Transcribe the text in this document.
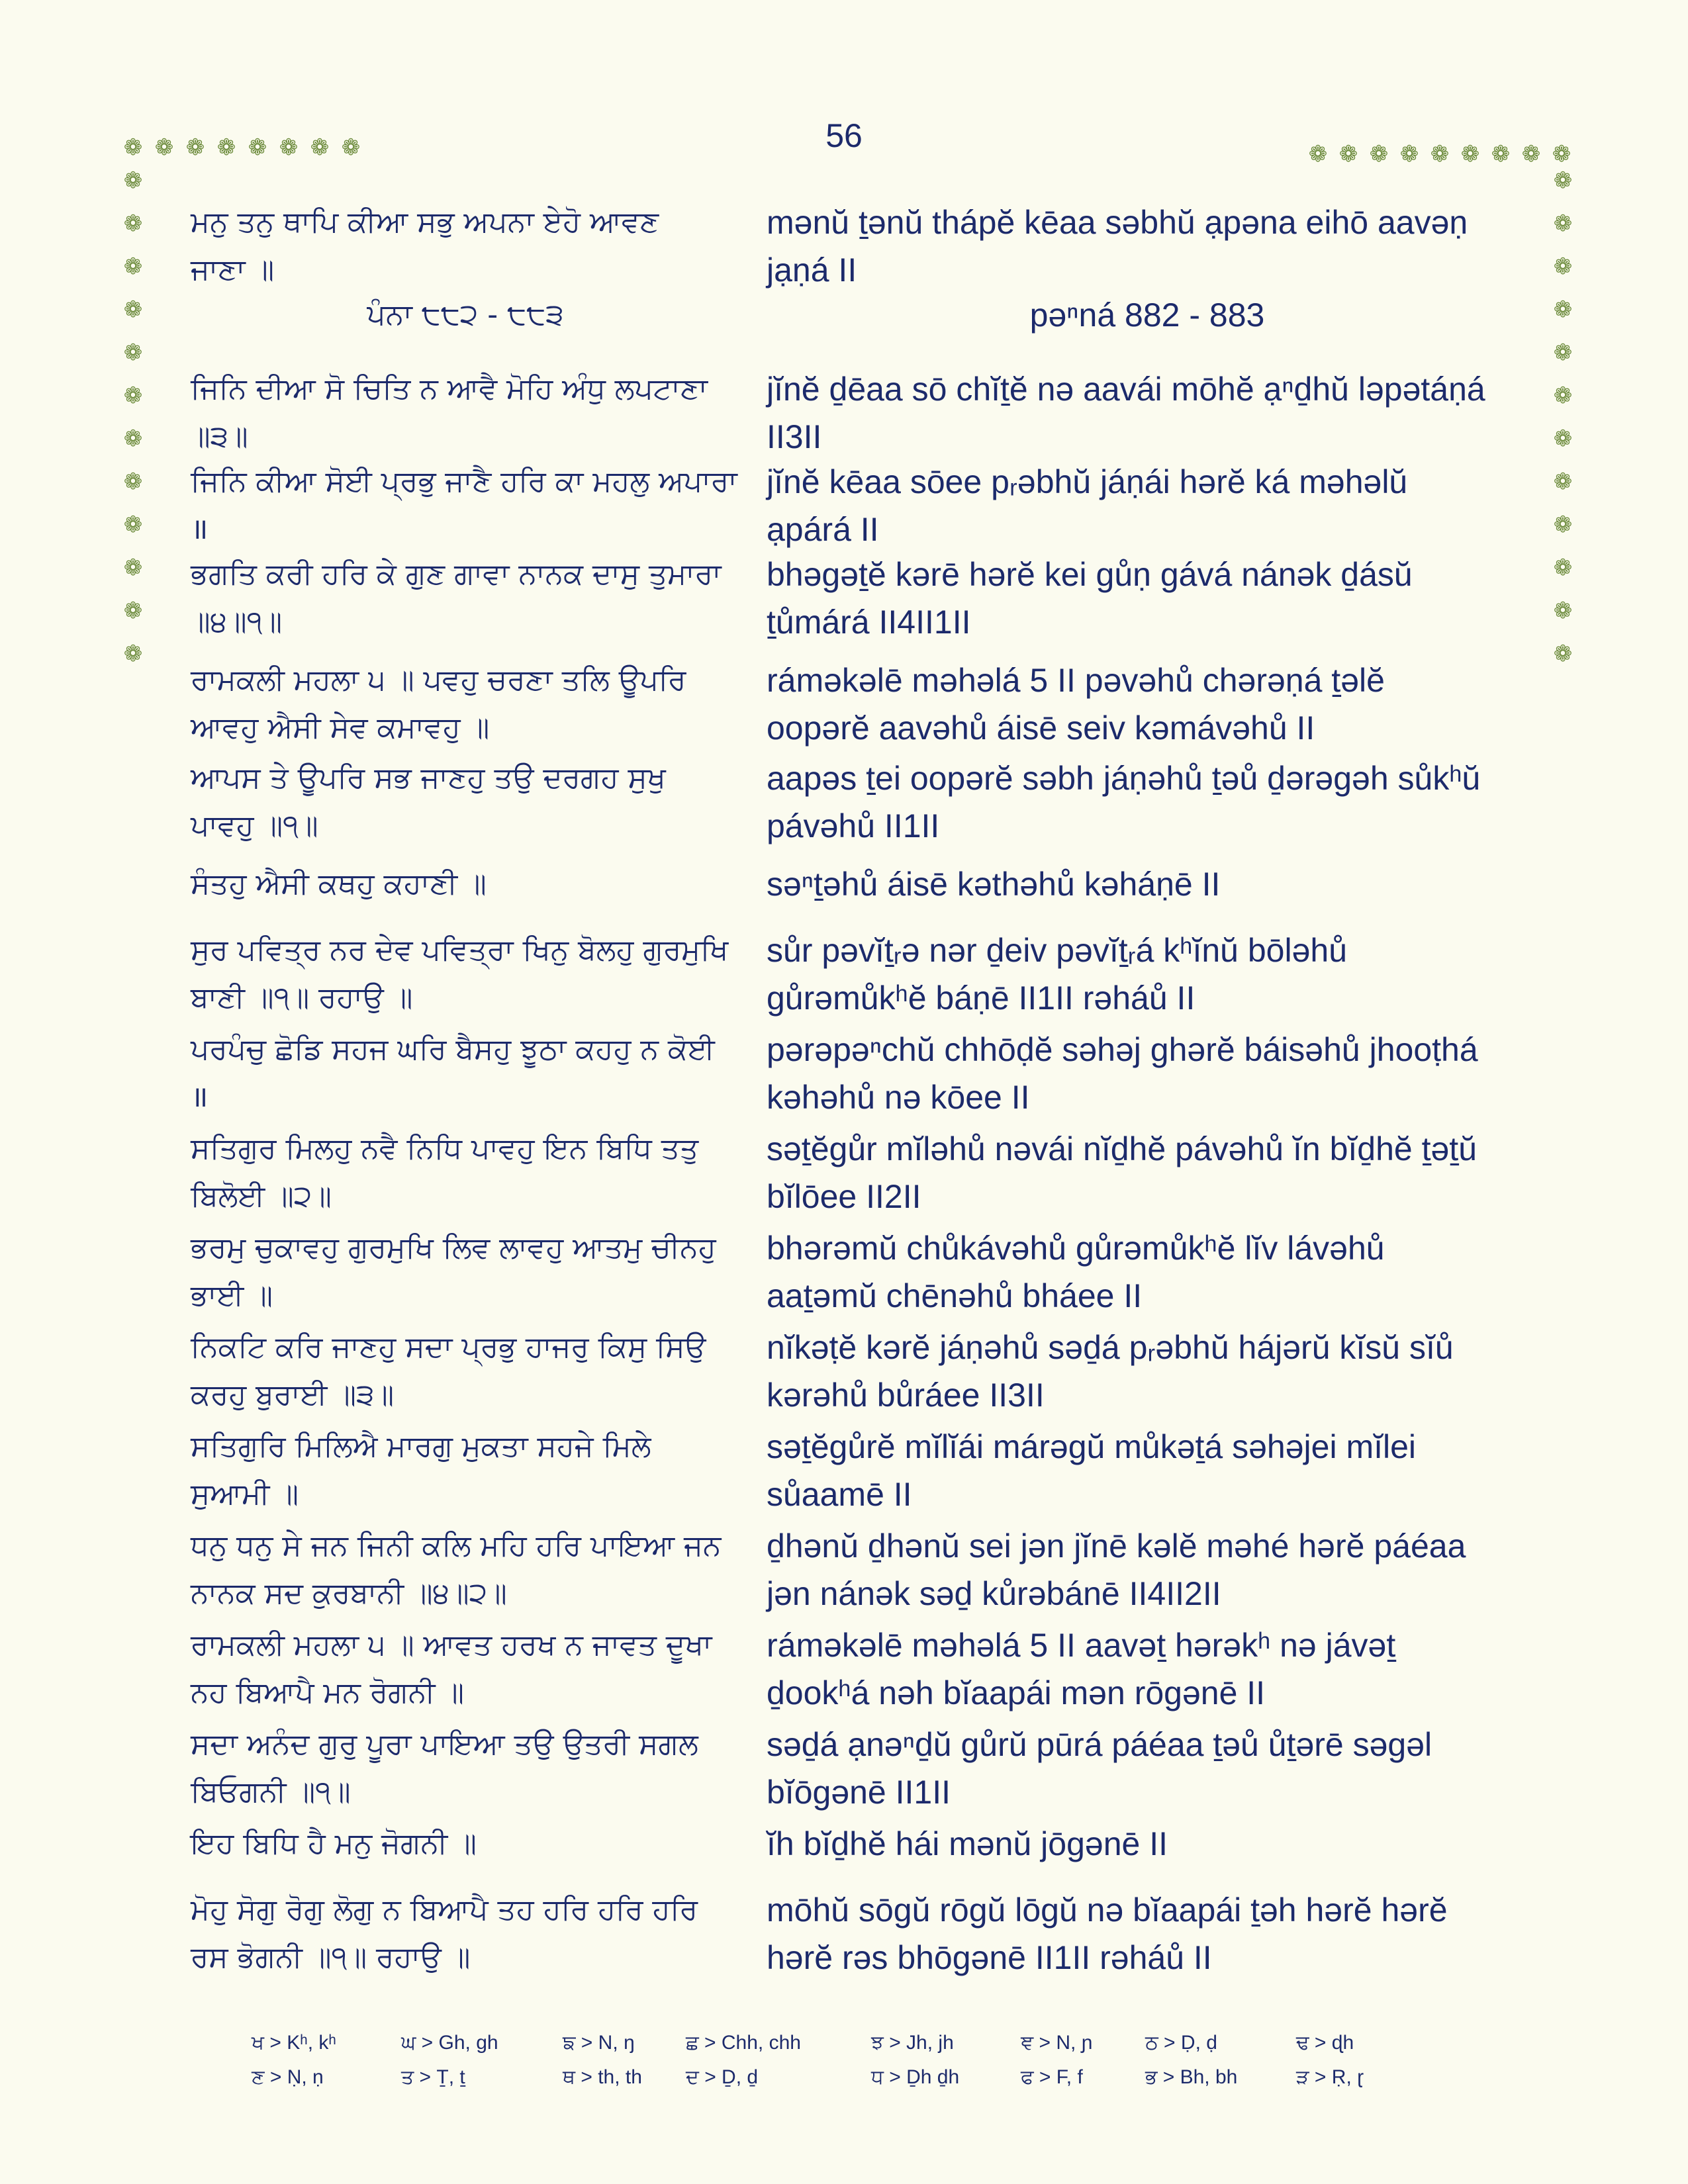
56
❁ ❁ ❁ ❁ ❁ ❁ ❁ ❁	❁ ❁ ❁ ❁ ❁ ❁ ❁ ❁ ❁
❁
❁
❁
❁
❁
❁
❁
❁
❁
❁
❁
❁
❁
❁
❁
❁
❁
❁
❁
❁
❁
❁
❁
❁
ਮਨੁ ਤਨੁ ਥਾਪਿ ਕੀਆ ਸਭੁ ਅਪਨਾ ਏਹੋ ਆਵਣ
ਜਾਣਾ ॥
mənŭ ṯənŭ thápĕ kēaa səbhŭ ạpəna eihō aavəṇ
jạṇá II
ਪੰਨਾ ੮੮੨ - ੮੮੩	pəⁿná 882 - 883
ਜਿਨਿ ਦੀਆ ਸੋ ਚਿਤਿ ਨ ਆਵੈ ਮੋਹਿ ਅੰਧੁ ਲਪਟਾਣਾ
॥੩॥
jĭnĕ ḏēaa sō chĭṯĕ nə aavái mōhĕ ạⁿḏhŭ ləpətáṇá
II3II
ਜਿਨਿ ਕੀਆ ਸੋਈ ਪ੍ਰਭੁ ਜਾਣੈ ਹਰਿ ਕਾ ਮਹਲੁ ਅਪਾਰਾ
॥
jĭnĕ kēaa sōee pᵣəbhŭ jáṇái hərĕ ká məhəlŭ
ạpárá II
ਭਗਤਿ ਕਰੀ ਹਰਿ ਕੇ ਗੁਣ ਗਾਵਾ ਨਾਨਕ ਦਾਸੁ ਤੁਮਾਰਾ
॥੪॥੧॥
bhəgəṯĕ kərē hərĕ kei gůṇ gává nánək ḏásŭ
ṯůmárá II4II1II
ਰਾਮਕਲੀ ਮਹਲਾ ੫ ॥ ਪਵਹੁ ਚਰਣਾ ਤਲਿ ਊਪਰਿ
ਆਵਹੁ ਐਸੀ ਸੇਵ ਕਮਾਵਹੁ ॥
rámәkəlē məhəlá 5 II pəvəhů chərəṇá ṯəlĕ
oopərĕ aavəhů áisē seiv kəmávəhů II
ਆਪਸ ਤੇ ਊਪਰਿ ਸਭ ਜਾਣਹੁ ਤਉ ਦਰਗਹ ਸੁਖੁ
ਪਾਵਹੁ ॥੧॥
aapəs ṯei oopərĕ səbh jáṇəhů ṯəů ḏərəgəh sůkʰŭ
pávəhů II1II
ਸੰਤਹੁ ਐਸੀ ਕਥਹੁ ਕਹਾਣੀ ॥	səⁿṯəhů áisē kəthəhů kəháṇē II
ਸੁਰ ਪਵਿਤ੍ਰ ਨਰ ਦੇਵ ਪਵਿਤ੍ਰਾ ਖਿਨੁ ਬੋਲਹੁ ਗੁਰਮੁਖਿ
ਬਾਣੀ ॥੧॥ ਰਹਾਉ ॥
sůr pəvĭṯᵣə nər ḏeiv pəvĭṯᵣá kʰĭnŭ bōləhů
gůrəmůkʰĕ báṇē II1II rəháů II
ਪਰਪੰਚੁ ਛੋਡਿ ਸਹਜ ਘਰਿ ਬੈਸਹੁ ਝੂਠਾ ਕਹਹੁ ਨ ਕੋਈ
॥
pərəpəⁿchŭ chhōḍĕ səhəj ghərĕ báisəhů jhooṭhá
kəhəhů nə kōee II
ਸਤਿਗੁਰ ਮਿਲਹੁ ਨਵੈ ਨਿਧਿ ਪਾਵਹੁ ਇਨ ਬਿਧਿ ਤਤੁ
ਬਿਲੋਈ ॥੨॥
səṯĕgůr mĭləhů nəvái nĭḏhĕ pávəhů ĭn bĭḏhĕ ṯəṯŭ
bĭlōee II2II
ਭਰਮੁ ਚੁਕਾਵਹੁ ਗੁਰਮੁਖਿ ਲਿਵ ਲਾਵਹੁ ਆਤਮੁ ਚੀਨਹੁ
ਭਾਈ ॥
bhərəmŭ chůkávəhů gůrəmůkʰĕ lĭv lávəhů
aaṯəmŭ chēnəhů bháee II
ਨਿਕਟਿ ਕਰਿ ਜਾਣਹੁ ਸਦਾ ਪ੍ਰਭੁ ਹਾਜਰੁ ਕਿਸੁ ਸਿਉ
ਕਰਹੁ ਬੁਰਾਈ ॥੩॥
nĭkəṭĕ kərĕ jáṇəhů səḏá pᵣəbhŭ hájərŭ kĭsŭ sĭů
kərəhů bůráee II3II
ਸਤਿਗੁਰਿ ਮਿਲਿਐ ਮਾਰਗੁ ਮੁਕਤਾ ਸਹਜੇ ਮਿਲੇ
ਸੁਆਮੀ ॥
səṯĕgůrĕ mĭlĭái márəgŭ můkəṯá səhəjei mĭlei
sůaamē II
ਧਨੁ ਧਨੁ ਸੇ ਜਨ ਜਿਨੀ ਕਲਿ ਮਹਿ ਹਰਿ ਪਾਇਆ ਜਨ
ਨਾਨਕ ਸਦ ਕੁਰਬਾਨੀ ॥੪॥੨॥
ḏhənŭ ḏhənŭ sei jən jĭnē kəlĕ məhé hərĕ páéaa
jən nánək səḏ kůrəbánē II4II2II
ਰਾਮਕਲੀ ਮਹਲਾ ੫ ॥ ਆਵਤ ਹਰਖ ਨ ਜਾਵਤ ਦੂਖਾ
ਨਹ ਬਿਆਪੈ ਮਨ ਰੋਗਨੀ ॥
rámәkəlē məhəlá 5 II aavəṯ hərəkʰ nə jávəṯ
ḏookʰá nəh bĭaapái mən rōgənē II
ਸਦਾ ਅਨੰਦ ਗੁਰੁ ਪੂਰਾ ਪਾਇਆ ਤਉ ਉਤਰੀ ਸਗਲ
ਬਿਓਗਨੀ ॥੧॥
səḏá ạnəⁿḏŭ gůrŭ pūrá páéaa ṯəů ůṯərē səgəl
bĭōgənē II1II
ਇਹ ਬਿਧਿ ਹੈ ਮਨੁ ਜੋਗਨੀ ॥	ĭh bĭḏhĕ hái mənŭ jōgənē II
ਮੋਹੁ ਸੋਗੁ ਰੋਗੁ ਲੋਗੁ ਨ ਬਿਆਪੈ ਤਹ ਹਰਿ ਹਰਿ ਹਰਿ
ਰਸ ਭੋਗਨੀ ॥੧॥ ਰਹਾਉ ॥
mōhŭ sōgŭ rōgŭ lōgŭ nə bĭaapái ṯəh hərĕ hərĕ
hərĕ rəs bhōgənē II1II rəháů II
ਖ > Kʰ, kʰ	ਘ > Gh, gh	ਙ > N, ŋ	ਛ > Chh, chh	ਝ > Jh, jh	ਞ > N, ɲ	ਠ > Ḍ, ḍ	ਢ > ɖh
ਣ > Ṇ, ṇ	ਤ > Ṯ, ṯ	ਥ > th, th ਦ > Ḏ, ḏ	ਧ > Ḏh ḏh	ਫ > F, f	ਭ > Bh, bh	ੜ > Ṛ, ɽ
